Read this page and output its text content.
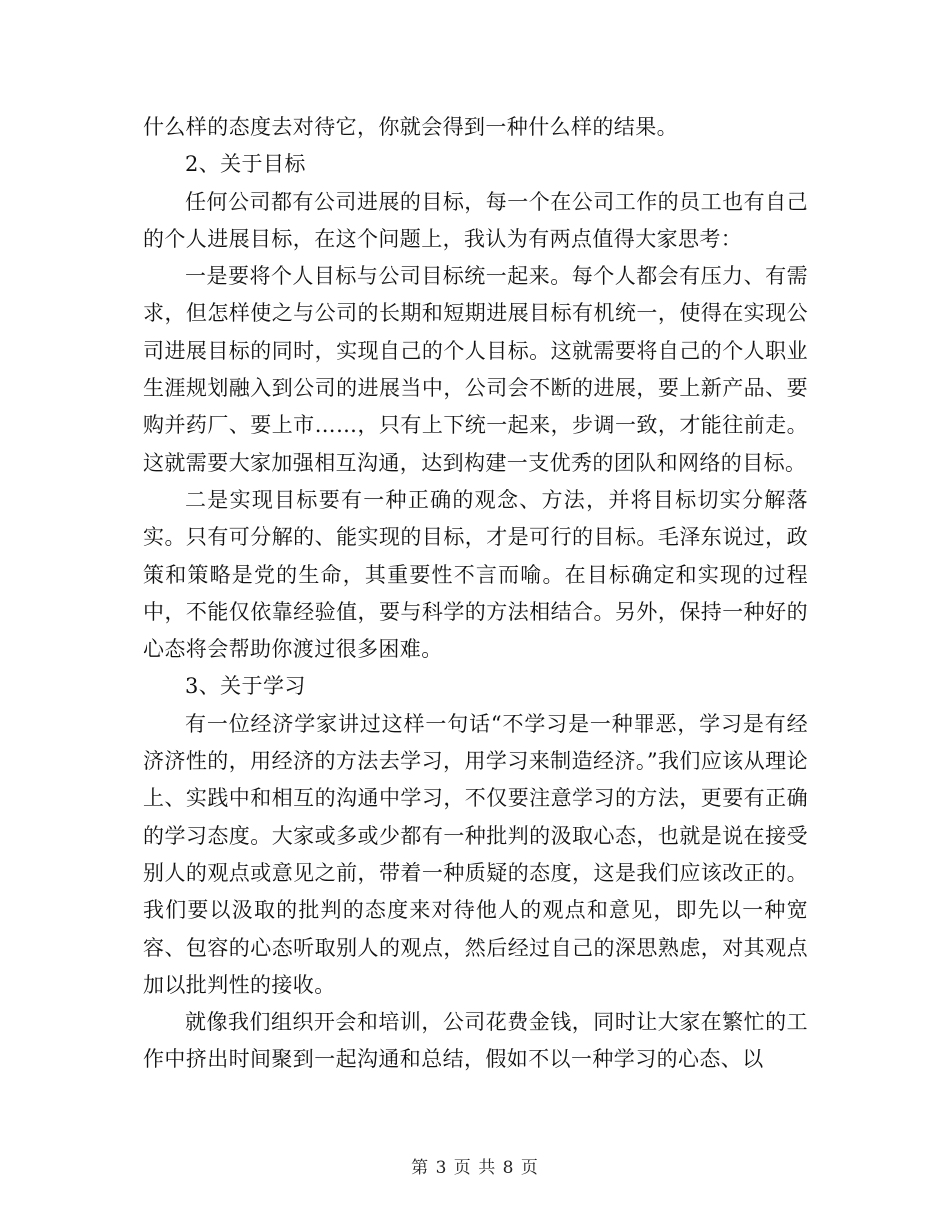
什么样的态度去对待它，你就会得到一种什么样的结果。

2、关于目标

任何公司都有公司进展的目标，每一个在公司工作的员工也有自己的个人进展目标，在这个问题上，我认为有两点值得大家思考：

一是要将个人目标与公司目标统一起来。每个人都会有压力、有需求，但怎样使之与公司的长期和短期进展目标有机统一，使得在实现公司进展目标的同时，实现自己的个人目标。这就需要将自己的个人职业生涯规划融入到公司的进展当中，公司会不断的进展，要上新产品、要购并药厂、要上市……，只有上下统一起来，步调一致，才能往前走。这就需要大家加强相互沟通，达到构建一支优秀的团队和网络的目标。

二是实现目标要有一种正确的观念、方法，并将目标切实分解落实。只有可分解的、能实现的目标，才是可行的目标。毛泽东说过，政策和策略是党的生命，其重要性不言而喻。在目标确定和实现的过程中，不能仅依靠经验值，要与科学的方法相结合。另外，保持一种好的心态将会帮助你渡过很多困难。

3、关于学习

有一位经济学家讲过这样一句话“不学习是一种罪恶，学习是有经济济性的，用经济的方法去学习，用学习来制造经济。”我们应该从理论上、实践中和相互的沟通中学习，不仅要注意学习的方法，更要有正确的学习态度。大家或多或少都有一种批判的汲取心态，也就是说在接受别人的观点或意见之前，带着一种质疑的态度，这是我们应该改正的。我们要以汲取的批判的态度来对待他人的观点和意见，即先以一种宽容、包容的心态听取别人的观点，然后经过自己的深思熟虑，对其观点加以批判性的接收。

就像我们组织开会和培训，公司花费金钱，同时让大家在繁忙的工作中挤出时间聚到一起沟通和总结，假如不以一种学习的心态、以

第 3 页 共 8 页
